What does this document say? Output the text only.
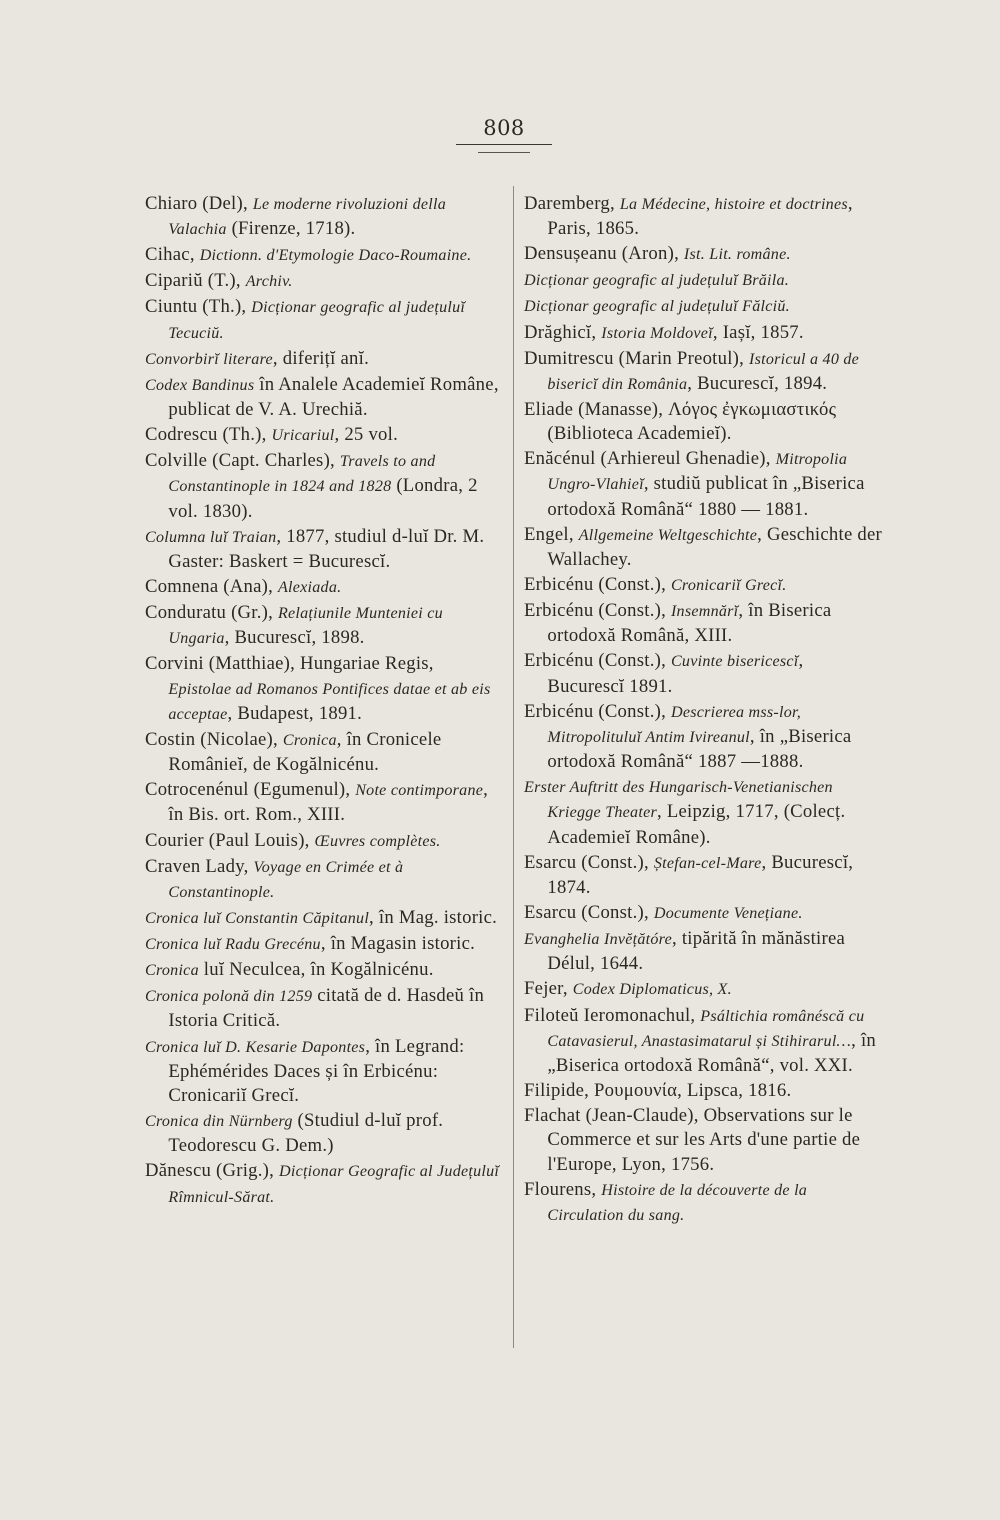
808

Chiaro (Del), Le moderne rivoluzioni della Valachia (Firenze, 1718).

Cihac, Dictionn. d'Etymologie Daco-Roumaine.

Cipariŭ (T.), Archiv.

Ciuntu (Th.), Dicționar geografic al județuluĭ Tecuciŭ.

Convorbirĭ literare, diferițĭ anĭ.

Codex Bandinus în Analele Academieĭ Române, publicat de V. A. Urechiă.

Codrescu (Th.), Uricariul, 25 vol.

Colville (Capt. Charles), Travels to and Constantinople in 1824 and 1828 (Londra, 2 vol. 1830).

Columna luĭ Traian, 1877, studiul d-luĭ Dr. M. Gaster: Baskert = Bucurescĭ.

Comnena (Ana), Alexiada.

Conduratu (Gr.), Relațiunile Munteniei cu Ungaria, Bucurescĭ, 1898.

Corvini (Matthiae), Hungariae Regis, Epistolae ad Romanos Pontifices datae et ab eis acceptae, Budapest, 1891.

Costin (Nicolae), Cronica, în Cronicele Românieĭ, de Kogălnicénu.

Cotrocenénul (Egumenul), Note contimporane, în Bis. ort. Rom., XIII.

Courier (Paul Louis), Œuvres complètes.

Craven Lady, Voyage en Crimée et à Constantinople.

Cronica luĭ Constantin Căpitanul, în Mag. istoric.

Cronica luĭ Radu Grecénu, în Magasin istoric.

Cronica luĭ Neculcea, în Kogălnicénu.

Cronica polonă din 1259 citată de d. Hasdeŭ în Istoria Critică.

Cronica luĭ D. Kesarie Dapontes, în Legrand: Ephémérides Daces și în Erbicénu: Cronicariĭ Grecĭ.

Cronica din Nürnberg (Studiul d-luĭ prof. Teodorescu G. Dem.)

Dănescu (Grig.), Dicționar Geografic al Județuluĭ Rîmnicul-Sărat.

Daremberg, La Médecine, histoire et doctrines, Paris, 1865.

Densușeanu (Aron), Ist. Lit. române.

Dicționar geografic al județuluĭ Brăila.

Dicționar geografic al județuluĭ Fălciŭ.

Drăghicĭ, Istoria Moldoveĭ, Iașĭ, 1857.

Dumitrescu (Marin Preotul), Istoricul a 40 de bisericĭ din România, Bucurescĭ, 1894.

Eliade (Manasse), Λόγος ἐγκωμιαστικός (Biblioteca Academieĭ).

Enăcénul (Arhiereul Ghenadie), Mitropolia Ungro-Vlahieĭ, studiŭ publicat în „Biserica ortodoxă Română“ 1880 — 1881.

Engel, Allgemeine Weltgeschichte, Geschichte der Wallachey.

Erbicénu (Const.), Cronicariĭ Grecĭ.

Erbicénu (Const.), Insemnărĭ, în Biserica ortodoxă Română, XIII.

Erbicénu (Const.), Cuvinte bisericescĭ, Bucurescĭ 1891.

Erbicénu (Const.), Descrierea mss-lor, Mitropolituluĭ Antim Ivireanul, în „Biserica ortodoxă Română“ 1887 —1888.

Erster Auftritt des Hungarisch-Venetianischen Kriegge Theater, Leipzig, 1717, (Colecț. Academieĭ Române).

Esarcu (Const.), Ștefan-cel-Mare, Bucurescĭ, 1874.

Esarcu (Const.), Documente Venețiane.

Evanghelia Invĕțătóre, tipărită în mănăstirea Délul, 1644.

Fejer, Codex Diplomaticus, X.

Filoteŭ Ieromonachul, Psáltichia românéscă cu Catavasierul, Anastasimatarul și Stihirarul…, în „Biserica ortodoxă Română“, vol. XXI.

Filipide, Ρουμουνία, Lipsca, 1816.

Flachat (Jean-Claude), Observations sur le Commerce et sur les Arts d'une partie de l'Europe, Lyon, 1756.

Flourens, Histoire de la découverte de la Circulation du sang.
